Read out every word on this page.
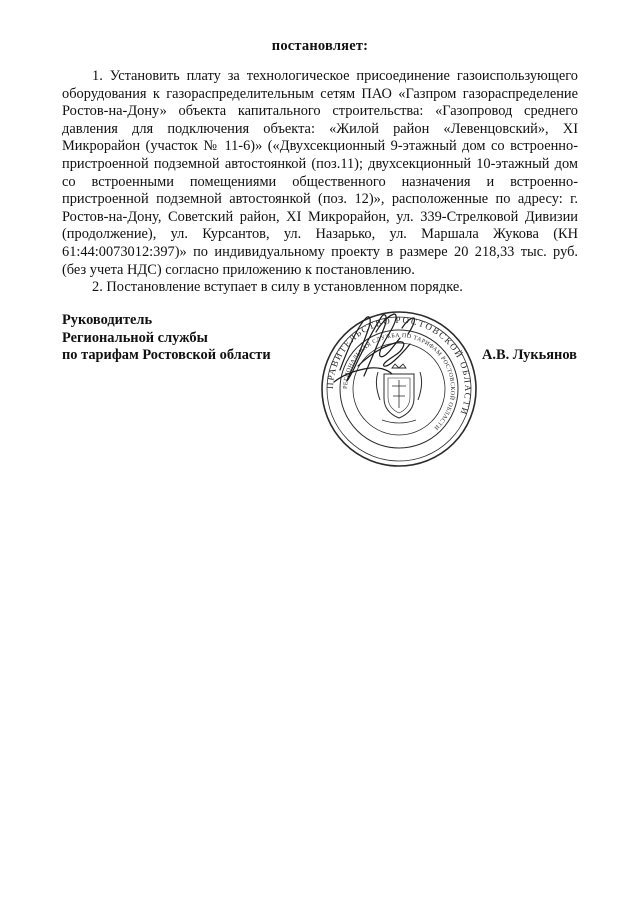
постановляет:

1. Установить плату за технологическое присоединение газоиспользующего оборудования к газораспределительным сетям ПАО «Газпром газораспределение Ростов-на-Дону» объекта капитального строительства: «Газопровод среднего давления для подключения объекта: «Жилой район «Левенцовский», XI Микрорайон (участок № 11-6)» («Двухсекционный 9-этажный дом со встроенно-пристроенной подземной автостоянкой (поз.11); двухсекционный 10-этажный дом со встроенными помещениями общественного назначения и встроенно-пристроенной подземной автостоянкой (поз. 12)», расположенные по адресу: г. Ростов-на-Дону, Советский район, XI Микрорайон, ул. 339-Стрелковой Дивизии (продолжение), ул. Курсантов, ул. Назарько, ул. Маршала Жукова (КН 61:44:0073012:397)» по индивидуальному проекту в размере 20 218,33 тыс. руб. (без учета НДС) согласно приложению к постановлению.

2. Постановление вступает в силу в установленном порядке.

Руководитель
Региональной службы
по тарифам Ростовской области	А.В. Лукьянов
ПРАВИТЕЛЬСТВО РОСТОВСКОЙ ОБЛАСТИ
РЕГИОНАЛЬНАЯ СЛУЖБА ПО ТАРИФАМ РОСТОВСКОЙ ОБЛАСТИ
